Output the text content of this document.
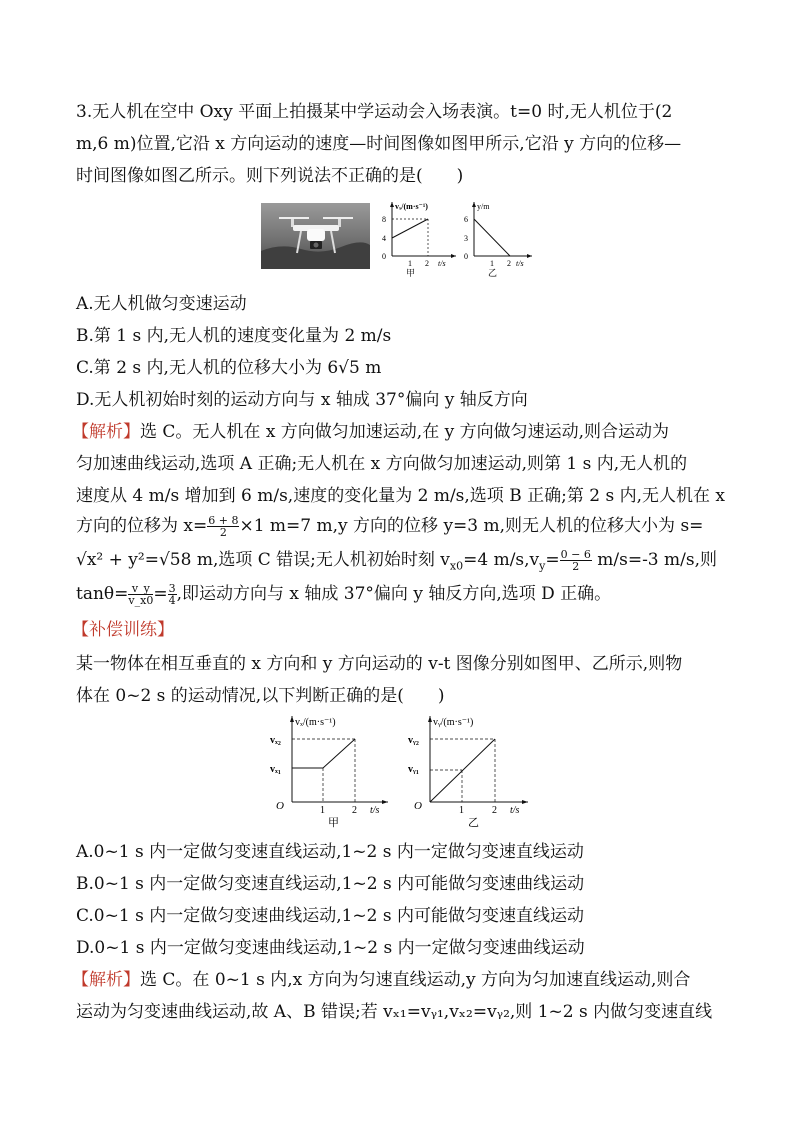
3.无人机在空中 Oxy 平面上拍摄某中学运动会入场表演。t=0 时,无人机位于(2
m,6 m)位置,它沿 x 方向运动的速度—时间图像如图甲所示,它沿 y 方向的位移—
时间图像如图乙所示。则下列说法不正确的是(　　)
vₓ/(m·s⁻¹)
8
4
0
1 2 t/s
甲
y/m
6
3
0
1 2 t/s
乙
A.无人机做匀变速运动
B.第 1 s 内,无人机的速度变化量为 2 m/s
C.第 2 s 内,无人机的位移大小为 6√5 m
D.无人机初始时刻的运动方向与 x 轴成 37°偏向 y 轴反方向
【解析】选 C。无人机在 x 方向做匀加速运动,在 y 方向做匀速运动,则合运动为
匀加速曲线运动,选项 A 正确;无人机在 x 方向做匀加速运动,则第 1 s 内,无人机的
速度从 4 m/s 增加到 6 m/s,速度的变化量为 2 m/s,选项 B 正确;第 2 s 内,无人机在 x
方向的位移为 $x= \frac{6 + 8}{2} \times 1$ m=7 m,y 方向的位移 y=3 m,则无人机的位移大小为 s=
√x² + y²=√58 m,选项 C 错误;无人机初始时刻 $v_{x0}=4$ $m/s,v_y= \frac{0 - 6}{2} m/s=-3$ m/s,则
$\tan\theta= \frac{v\_y}{v\_x0} = \frac{3}{4}$ ,即运动方向与 x 轴成 37°偏向 y 轴反方向,选项 D 正确。
【补偿训练】
某一物体在相互垂直的 x 方向和 y 方向运动的 v-t 图像分别如图甲、乙所示,则物
体在 0~2 s 的运动情况,以下判断正确的是(　　)
vₓ/(m·s⁻¹)
vₓ₂
vₓ₁
O	1	2 t/s
甲
vᵧ/(m·s⁻¹)
vᵧ₂
vᵧ₁
O	1	2 t/s
乙
A.0~1 s 内一定做匀变速直线运动,1~2 s 内一定做匀变速直线运动
B.0~1 s 内一定做匀变速直线运动,1~2 s 内可能做匀变速曲线运动
C.0~1 s 内一定做匀变速曲线运动,1~2 s 内可能做匀变速直线运动
D.0~1 s 内一定做匀变速曲线运动,1~2 s 内一定做匀变速曲线运动
【解析】选 C。在 0~1 s 内,x 方向为匀速直线运动,y 方向为匀加速直线运动,则合
运动为匀变速曲线运动,故 A、B 错误;若 vₓ₁=vᵧ₁,vₓ₂=vᵧ₂,则 1~2 s 内做匀变速直线
